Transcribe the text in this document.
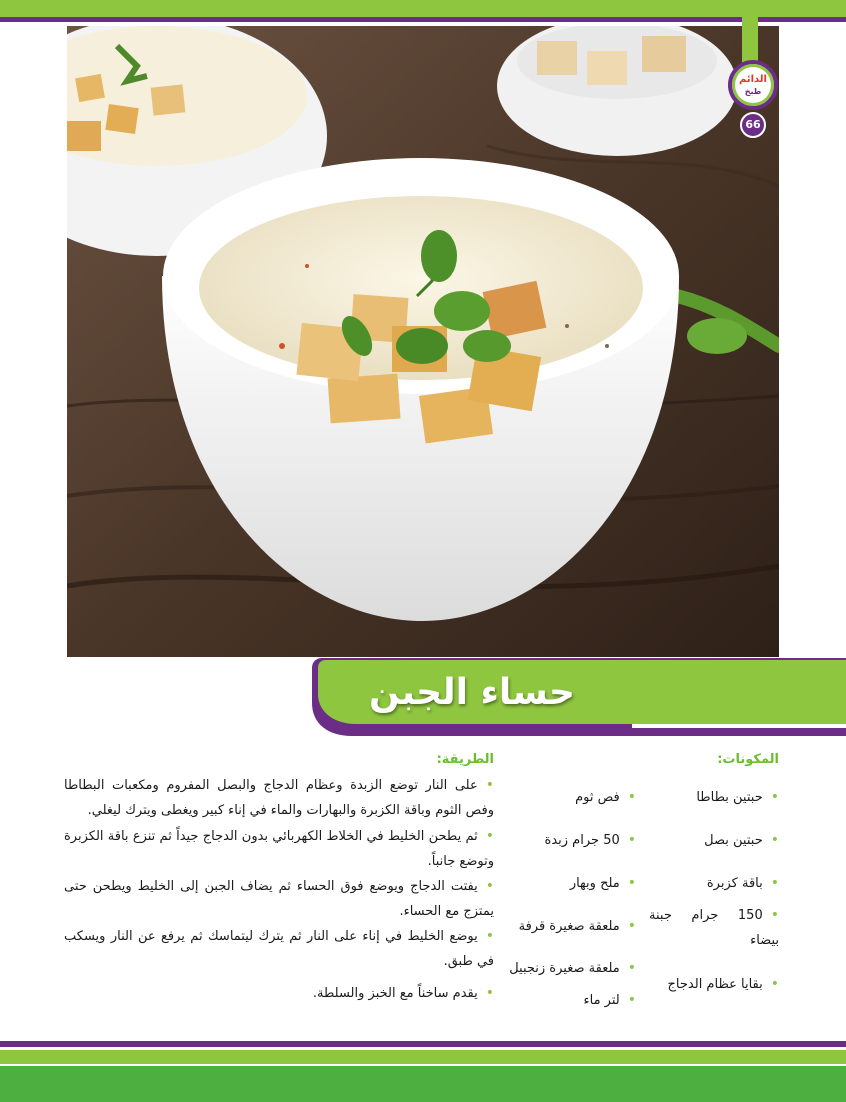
الدائم
طبخ
66
حساء الجبن
المكونات:
الطريقة:
• حبتين بطاطا
• حبتين بصل
• باقة كزبرة
• 150 جرام جبنة بيضاء
• بقايا عظام الدجاج
• فص ثوم
• 50 جرام زبدة
• ملح وبهار
• ملعقة صغيرة قرفة
• ملعقة صغيرة زنجبيل
• لتر ماء
• على النار توضع الزبدة وعظام الدجاج والبصل المفروم ومكعبات البطاطا وفص الثوم وباقة الكزبرة والبهارات والماء في إناء كبير ويغطى ويترك ليغلي.
• ثم يطحن الخليط في الخلاط الكهربائي بدون الدجاج جيداً ثم تنزع باقة الكزبرة وتوضع جانباً.
• يفتت الدجاج ويوضع فوق الحساء ثم يضاف الجبن إلى الخليط ويطحن حتى يمتزج مع الحساء.
• يوضع الخليط في إناء على النار ثم يترك ليتماسك ثم يرفع عن النار ويسكب في طبق.
• يقدم ساخناً مع الخبز والسلطة.
